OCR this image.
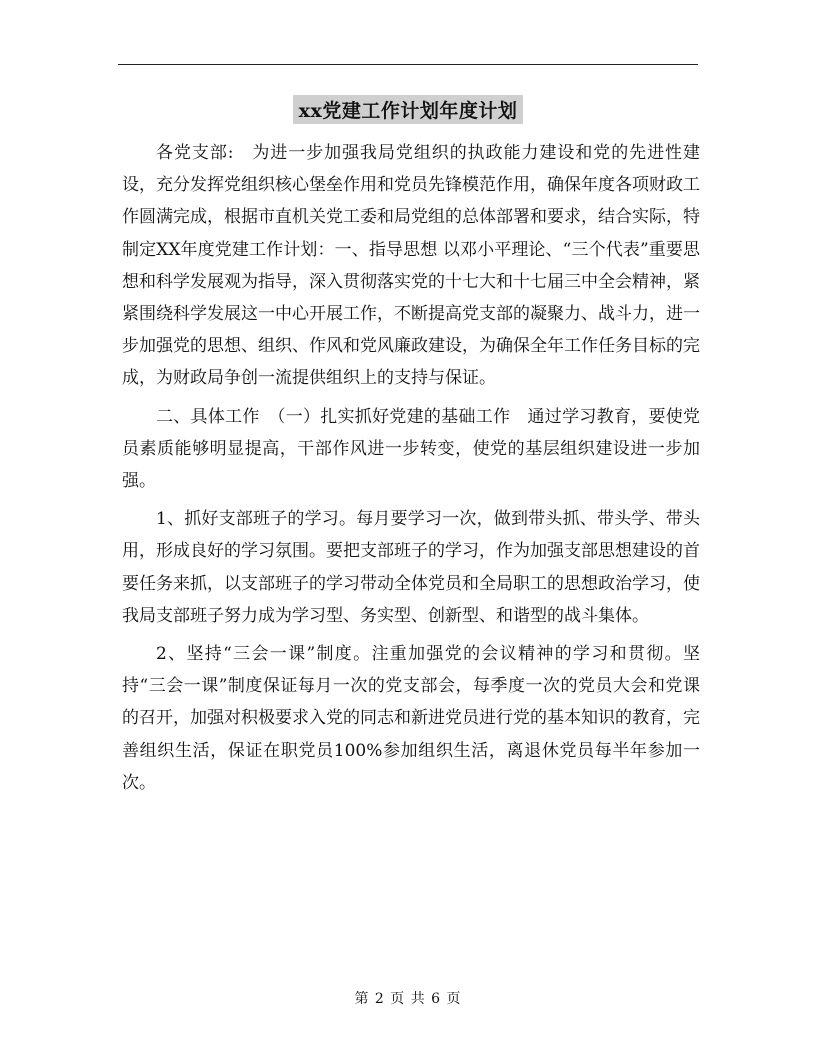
xx党建工作计划年度计划

各党支部:　为进一步加强我局党组织的执政能力建设和党的先进性建设，充分发挥党组织核心堡垒作用和党员先锋模范作用，确保年度各项财政工作圆满完成，根据市直机关党工委和局党组的总体部署和要求，结合实际，特制定XX年度党建工作计划：一、指导思想 以邓小平理论、“三个代表”重要思想和科学发展观为指导，深入贯彻落实党的十七大和十七届三中全会精神，紧紧围绕科学发展这一中心开展工作，不断提高党支部的凝聚力、战斗力，进一步加强党的思想、组织、作风和党风廉政建设，为确保全年工作任务目标的完成，为财政局争创一流提供组织上的支持与保证。

二、具体工作　（一）扎实抓好党建的基础工作　通过学习教育，要使党员素质能够明显提高，干部作风进一步转变，使党的基层组织建设进一步加强。

1、抓好支部班子的学习。每月要学习一次，做到带头抓、带头学、带头用，形成良好的学习氛围。要把支部班子的学习，作为加强支部思想建设的首要任务来抓，以支部班子的学习带动全体党员和全局职工的思想政治学习，使我局支部班子努力成为学习型、务实型、创新型、和谐型的战斗集体。

2、坚持“三会一课”制度。注重加强党的会议精神的学习和贯彻。坚持“三会一课”制度保证每月一次的党支部会，每季度一次的党员大会和党课的召开，加强对积极要求入党的同志和新进党员进行党的基本知识的教育，完善组织生活，保证在职党员100%参加组织生活，离退休党员每半年参加一次。

第 2 页 共 6 页
